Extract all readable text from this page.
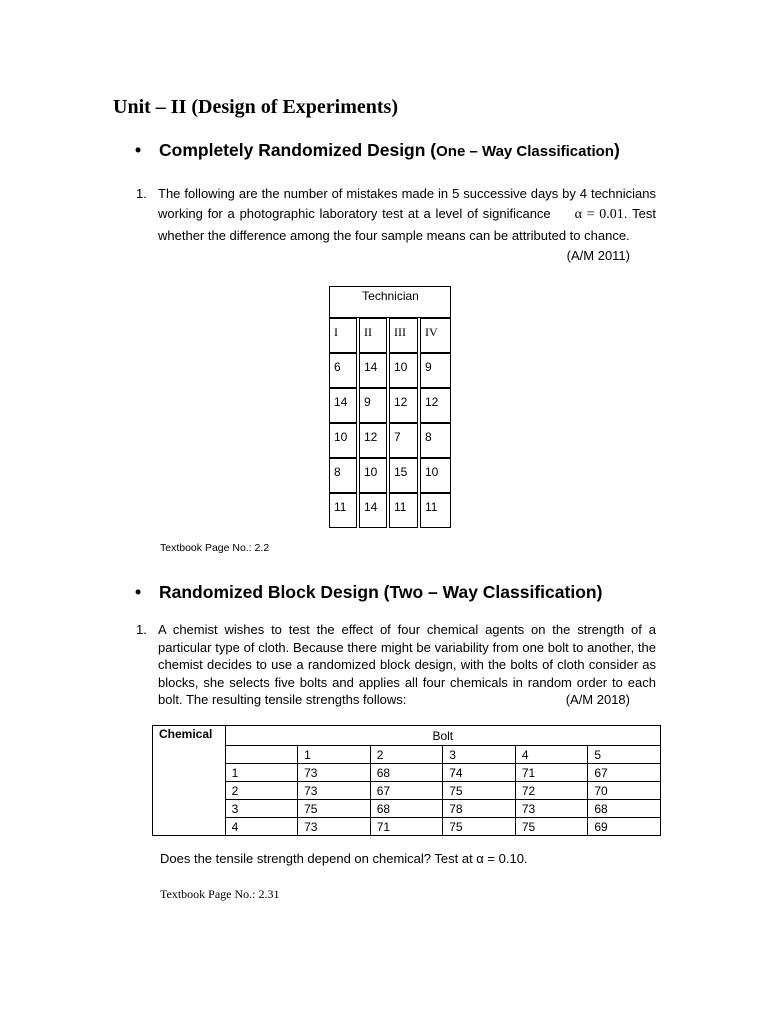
Unit – II (Design of Experiments)
• Completely Randomized Design (One – Way Classification)
1. The following are the number of mistakes made in 5 successive days by 4 technicians working for a photographic laboratory test at a level of significance α = 0.01. Test whether the difference among the four sample means can be attributed to chance.
(A/M 2011)

Technician			
I	II	III	IV
6	14	10	9
14	9	12	12
10	12	7	8
8	10	15	10
11	14	11	11
Textbook Page No.: 2.2
• Randomized Block Design (Two – Way Classification)
1. A chemist wishes to test the effect of four chemical agents on the strength of a particular type of cloth. Because there might be variability from one bolt to another, the chemist decides to use a randomized block design, with the bolts of cloth consider as blocks, she selects five bolts and applies all four chemicals in random order to each bolt. The resulting tensile strengths follows:	(A/M 2018)

Chemical	Bolt					
		1	2	3	4	5
	1	73	68	74	71	67
	2	73	67	75	72	70
	3	75	68	78	73	68
	4	73	71	75	75	69
Does the tensile strength depend on chemical? Test at α = 0.10.
Textbook Page No.: 2.31
